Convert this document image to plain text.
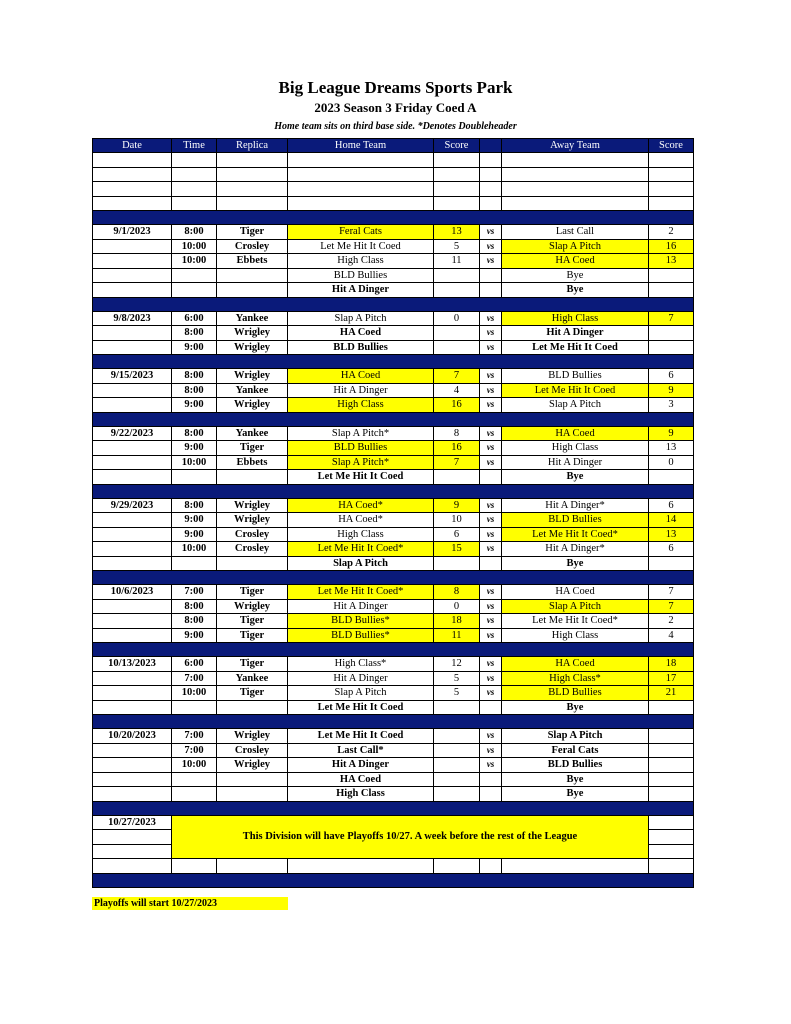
Big League Dreams Sports Park
2023 Season 3 Friday Coed A
Home team sits on third base side. *Denotes Doubleheader
Date	Time	Replica	Home Team	Score		Away Team	Score

9/1/2023	8:00	Tiger	Feral Cats	13	vs	Last Call	2
	10:00	Crosley	Let Me Hit It Coed	5	vs	Slap A Pitch	16
	10:00	Ebbets	High Class	11	vs	HA Coed	13
			BLD Bullies			Bye	
			Hit A Dinger			Bye	

9/8/2023	6:00	Yankee	Slap A Pitch	0	vs	High Class	7
	8:00	Wrigley	HA Coed		vs	Hit A Dinger	
	9:00	Wrigley	BLD Bullies		vs	Let Me Hit It Coed	

9/15/2023	8:00	Wrigley	HA Coed	7	vs	BLD Bullies	6
	8:00	Yankee	Hit A Dinger	4	vs	Let Me Hit It Coed	9
	9:00	Wrigley	High Class	16	vs	Slap A Pitch	3

9/22/2023	8:00	Yankee	Slap A Pitch*	8	vs	HA Coed	9
	9:00	Tiger	BLD Bullies	16	vs	High Class	13
	10:00	Ebbets	Slap A Pitch*	7	vs	Hit A Dinger	0
			Let Me Hit It Coed			Bye	

9/29/2023	8:00	Wrigley	HA Coed*	9	vs	Hit A Dinger*	6
	9:00	Wrigley	HA Coed*	10	vs	BLD Bullies	14
	9:00	Crosley	High Class	6	vs	Let Me Hit It Coed*	13
	10:00	Crosley	Let Me Hit It Coed*	15	vs	Hit A Dinger*	6
			Slap A Pitch			Bye	

10/6/2023	7:00	Tiger	Let Me Hit It Coed*	8	vs	HA Coed	7
	8:00	Wrigley	Hit A Dinger	0	vs	Slap A Pitch	7
	8:00	Tiger	BLD Bullies*	18	vs	Let Me Hit It Coed*	2
	9:00	Tiger	BLD Bullies*	11	vs	High Class	4

10/13/2023	6:00	Tiger	High Class*	12	vs	HA Coed	18
	7:00	Yankee	Hit A Dinger	5	vs	High Class*	17
	10:00	Tiger	Slap A Pitch	5	vs	BLD Bullies	21
			Let Me Hit It Coed			Bye	

10/20/2023	7:00	Wrigley	Let Me Hit It Coed		vs	Slap A Pitch	
	7:00	Crosley	Last Call*		vs	Feral Cats	
	10:00	Wrigley	Hit A Dinger		vs	BLD Bullies	
			HA Coed			Bye	
			High Class			Bye	

10/27/2023	This Division will have Playoffs 10/27. A week before the rest of the League						

Playoffs will start 10/27/2023
